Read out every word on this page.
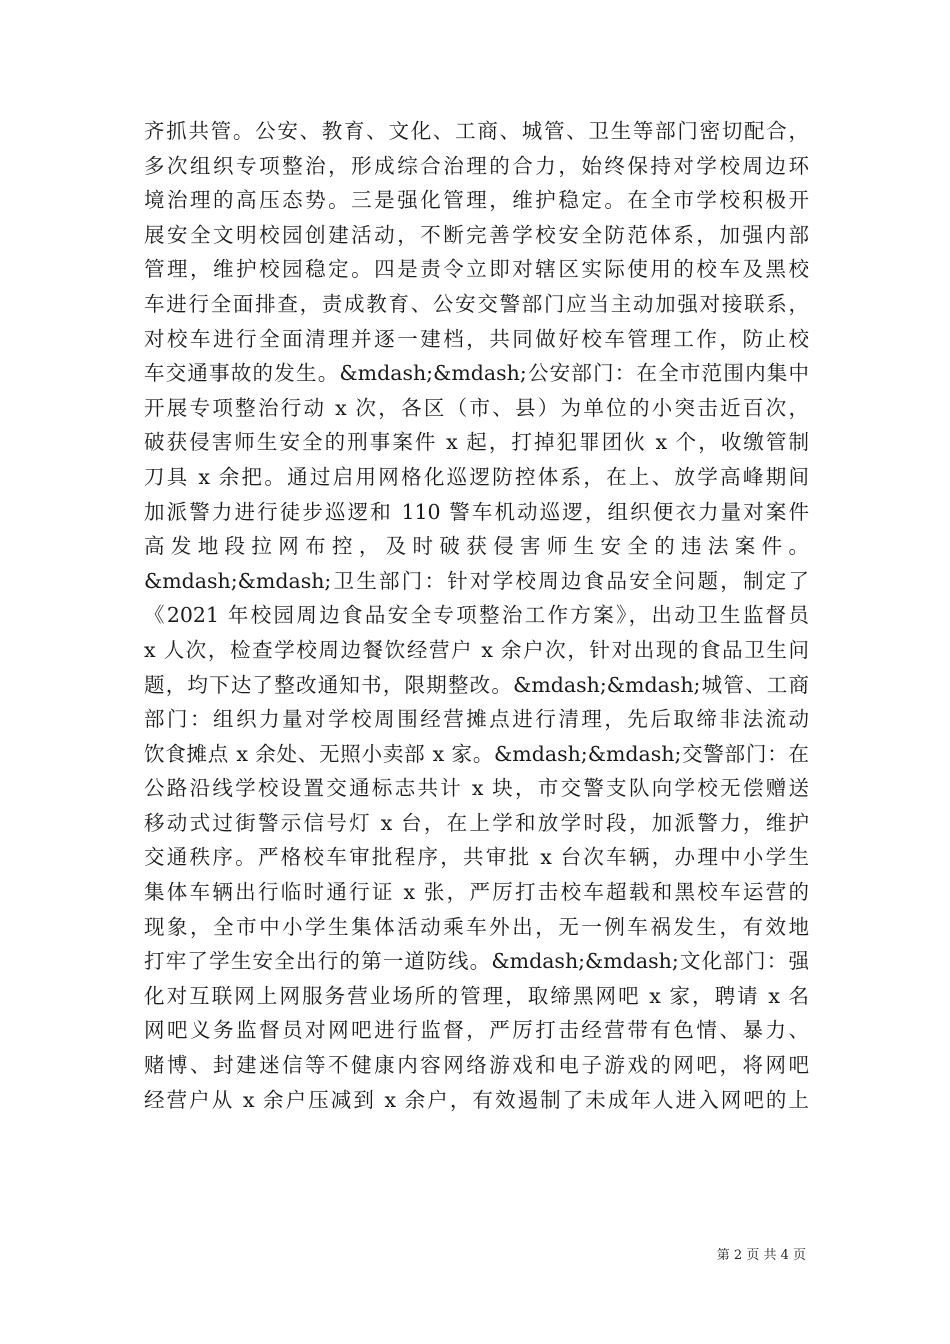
齐抓共管。公安、教育、文化、工商、城管、卫生等部门密切配合，
多次组织专项整治，形成综合治理的合力，始终保持对学校周边环
境治理的高压态势。三是强化管理，维护稳定。在全市学校积极开
展安全文明校园创建活动，不断完善学校安全防范体系，加强内部
管理，维护校园稳定。四是责令立即对辖区实际使用的校车及黑校
车进行全面排查，责成教育、公安交警部门应当主动加强对接联系，
对校车进行全面清理并逐一建档，共同做好校车管理工作，防止校
车交通事故的发生。&mdash;&mdash;公安部门：在全市范围内集中
开展专项整治行动 x 次，各区（市、县）为单位的小突击近百次，
破获侵害师生安全的刑事案件 x 起，打掉犯罪团伙 x 个，收缴管制
刀具 x 余把。通过启用网格化巡逻防控体系，在上、放学高峰期间
加派警力进行徒步巡逻和 110 警车机动巡逻，组织便衣力量对案件
高发地段拉网布控，及时破获侵害师生安全的违法案件。
&mdash;&mdash;卫生部门：针对学校周边食品安全问题，制定了
《2021 年校园周边食品安全专项整治工作方案》，出动卫生监督员
x 人次，检查学校周边餐饮经营户 x 余户次，针对出现的食品卫生问
题，均下达了整改通知书，限期整改。&mdash;&mdash;城管、工商
部门：组织力量对学校周围经营摊点进行清理，先后取缔非法流动
饮食摊点 x 余处、无照小卖部 x 家。&mdash;&mdash;交警部门：在
公路沿线学校设置交通标志共计 x 块，市交警支队向学校无偿赠送
移动式过街警示信号灯 x 台，在上学和放学时段，加派警力，维护
交通秩序。严格校车审批程序，共审批 x 台次车辆，办理中小学生
集体车辆出行临时通行证 x 张，严厉打击校车超载和黑校车运营的
现象，全市中小学生集体活动乘车外出，无一例车祸发生，有效地
打牢了学生安全出行的第一道防线。&mdash;&mdash;文化部门：强
化对互联网上网服务营业场所的管理，取缔黑网吧 x 家，聘请 x 名
网吧义务监督员对网吧进行监督，严厉打击经营带有色情、暴力、
赌博、封建迷信等不健康内容网络游戏和电子游戏的网吧，将网吧
经营户从 x 余户压减到 x 余户，有效遏制了未成年人进入网吧的上
第 2 页 共 4 页
